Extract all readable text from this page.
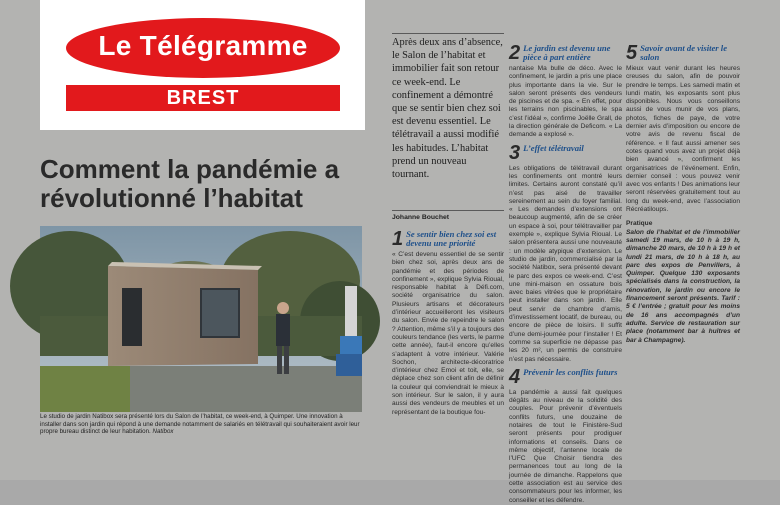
Le Télégramme
BREST
Comment la pandémie a révolutionné l’habitat

Le studio de jardin Natibox sera présenté lors du Salon de l’habitat, ce week-end, à Quimper. Une innovation à installer dans son jardin qui répond à une demande notamment de salariés en télétravail qui souhaiteraient avoir leur propre bureau distinct de leur habitation. Natibox

Après deux ans d’absence, le Salon de l’habitat et immobilier fait son retour ce week-end. Le confinement a démontré que se sentir bien chez soi est devenu essentiel. Le télétravail a aussi modifié les habitudes. L’habitat prend un nouveau tournant.

Johanne Bouchet

1 Se sentir bien chez soi est devenu une priorité

« C’est devenu essentiel de se sentir bien chez soi, après deux ans de pandémie et des périodes de confinement », explique Sylvia Rioual, responsable habitat à Défi.com, société organisatrice du salon. Plusieurs artisans et décorateurs d’intérieur accueilleront les visiteurs du salon. Envie de repeindre le salon ? Attention, même s’il y a toujours des couleurs tendance (les verts, le parme cette année), faut-il encore qu’elles s’adaptent à votre intérieur. Valérie Sochon, architecte-décoratrice d’intérieur chez Emoi et toit, elle, se déplace chez son client afin de définir la couleur qui conviendrait le mieux à son intérieur. Sur le salon, il y aura aussi des vendeurs de meubles et un représentant de la boutique fou-

2 Le jardin est devenu une pièce à part entière

nantaise Ma bulle de déco. Avec le confinement, le jardin a pris une place plus importante dans la vie. Sur le salon seront présents des vendeurs de piscines et de spa. « En effet, pour les terrains non piscinables, le spa c’est l’idéal », confirme Joëlle Grall, de la direction générale de Deficom. « La demande a explosé ».

3 L’effet télétravail

Les obligations de télétravail durant les confinements ont montré leurs limites. Certains auront constaté qu’il n’est pas aisé de travailler sereinement au sein du foyer familial. « Les demandes d’extensions ont beaucoup augmenté, afin de se créer un espace à soi, pour télétravailler par exemple », explique Sylvia Rioual. Le salon présentera aussi une nouveauté : un modèle atypique d’extension. Le studio de jardin, commercialisé par la société Natibox, sera présenté devant le parc des expos ce week-end. C’est une mini-maison en ossature bois avec baies vitrées que le propriétaire peut installer dans son jardin. Elle peut servir de chambre d’amis, d’investissement locatif, de bureau, ou encore de pièce de loisirs. Il suffit d’une demi-journée pour l’installer ! Et comme sa superficie ne dépasse pas les 20 m², un permis de construire n’est pas nécessaire.

4 Prévenir les conflits futurs

La pandémie a aussi fait quelques dégâts au niveau de la solidité des couples. Pour prévenir d’éventuels conflits futurs, une douzaine de notaires de tout le Finistère-Sud seront présents pour prodiguer informations et conseils. Dans ce même objectif, l’antenne locale de l’UFC Que Choisir tiendra des permanences tout au long de la journée de dimanche. Rappelons que cette association est au service des consommateurs pour les informer, les conseiller et les défendre.

5 Savoir avant de visiter le salon

Mieux vaut venir durant les heures creuses du salon, afin de pouvoir prendre le temps. Les samedi matin et lundi matin, les exposants sont plus disponibles. Nous vous conseillons aussi de vous munir de vos plans, photos, fiches de paye, de votre dernier avis d’imposition ou encore de votre avis de revenu fiscal de référence. « Il faut aussi amener ses cotes quand vous avez un projet déjà bien avancé », confirment les organisatrices de l’événement. Enfin, dernier conseil : vous pouvez venir avec vos enfants ! Des animations leur seront réservées gratuitement tout au long du week-end, avec l’association Récréatiloups.

Pratique

Salon de l’habitat et de l’immobilier samedi 19 mars, de 10 h à 19 h, dimanche 20 mars, de 10 h à 19 h et lundi 21 mars, de 10 h à 18 h, au parc des expos de Penvillers, à Quimper. Quelque 130 exposants spécialisés dans la construction, la rénovation, le jardin ou encore le financement seront présents. Tarif : 5 € l’entrée ; gratuit pour les moins de 16 ans accompagnés d’un adulte. Service de restauration sur place (notamment bar à huîtres et bar à Champagne).
